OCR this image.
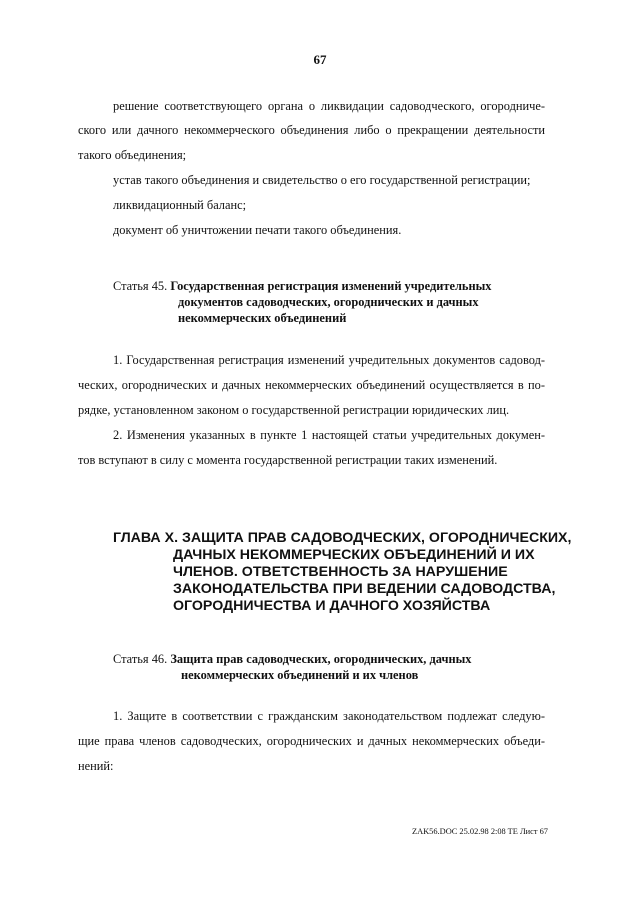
67
решение соответствующего органа о ликвидации садоводческого, огородниче-
ского или дачного некоммерческого объединения либо о прекращении деятельности
такого объединения;
устав такого объединения и свидетельство о его государственной регистрации;
ликвидационный баланс;
документ об уничтожении печати такого объединения.
Статья 45. Государственная регистрация изменений учредительных
документов садоводческих, огороднических и дачных
некоммерческих объединений
1. Государственная регистрация изменений учредительных документов садовод-
ческих, огороднических и дачных некоммерческих объединений осуществляется в по-
рядке, установленном законом о государственной регистрации юридических лиц.
2. Изменения указанных в пункте 1 настоящей статьи учредительных докумен-
тов вступают в силу с момента государственной регистрации таких изменений.
ГЛАВА X. ЗАЩИТА ПРАВ САДОВОДЧЕСКИХ, ОГОРОДНИЧЕСКИХ,
ДАЧНЫХ НЕКОММЕРЧЕСКИХ ОБЪЕДИНЕНИЙ И ИХ
ЧЛЕНОВ. ОТВЕТСТВЕННОСТЬ ЗА НАРУШЕНИЕ
ЗАКОНОДАТЕЛЬСТВА ПРИ ВЕДЕНИИ САДОВОДСТВА,
ОГОРОДНИЧЕСТВА И ДАЧНОГО ХОЗЯЙСТВА
Статья 46. Защита прав садоводческих, огороднических, дачных
некоммерческих объединений и их членов
1. Защите в соответствии с гражданским законодательством подлежат следую-
щие права членов садоводческих, огороднических и дачных некоммерческих объеди-
нений:
ZAK56.DOC 25.02.98 2:08 TE Лист 67
